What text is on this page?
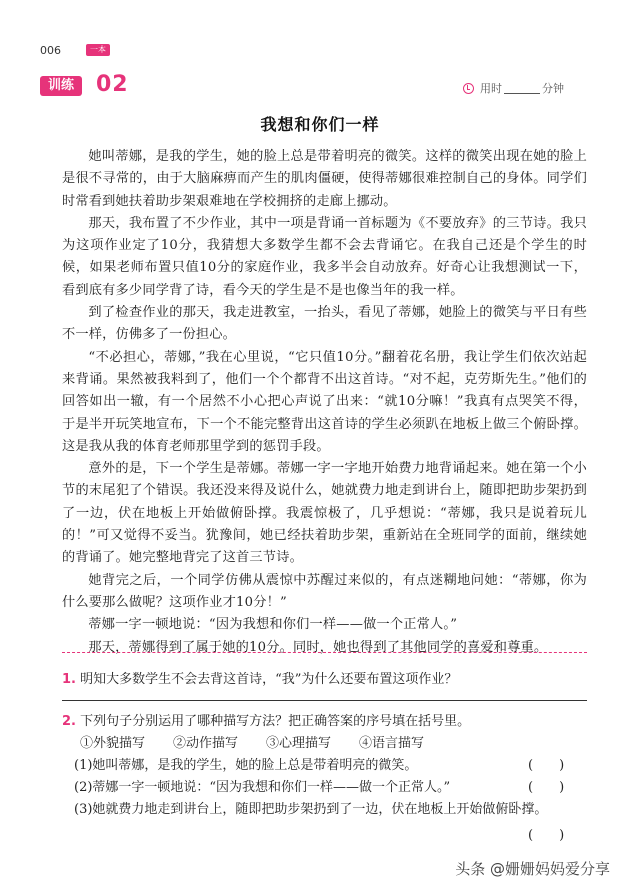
006	一本
训练 02	用时	分钟
我想和你们一样

她叫蒂娜，是我的学生，她的脸上总是带着明亮的微笑。这样的微笑出现在她的脸上是很不寻常的，由于大脑麻痹而产生的肌肉僵硬，使得蒂娜很难控制自己的身体。同学们时常看到她扶着助步架艰难地在学校拥挤的走廊上挪动。

那天，我布置了不少作业，其中一项是背诵一首标题为《不要放弃》的三节诗。我只为这项作业定了10分，我猜想大多数学生都不会去背诵它。在我自己还是个学生的时候，如果老师布置只值10分的家庭作业，我多半会自动放弃。好奇心让我想测试一下，看到底有多少同学背了诗，看今天的学生是不是也像当年的我一样。

到了检查作业的那天，我走进教室，一抬头，看见了蒂娜，她脸上的微笑与平日有些不一样，仿佛多了一份担心。

“不必担心，蒂娜，”我在心里说，“它只值10分。”翻着花名册，我让学生们依次站起来背诵。果然被我料到了，他们一个个都背不出这首诗。“对不起，克劳斯先生。”他们的回答如出一辙，有一个居然不小心把心声说了出来：“就10分嘛！”我真有点哭笑不得，于是半开玩笑地宣布，下一个不能完整背出这首诗的学生必须趴在地板上做三个俯卧撑。这是我从我的体育老师那里学到的惩罚手段。

意外的是，下一个学生是蒂娜。蒂娜一字一字地开始费力地背诵起来。她在第一个小节的末尾犯了个错误。我还没来得及说什么，她就费力地走到讲台上，随即把助步架扔到了一边，伏在地板上开始做俯卧撑。我震惊极了，几乎想说：“蒂娜，我只是说着玩儿的！”可又觉得不妥当。犹豫间，她已经扶着助步架，重新站在全班同学的面前，继续她的背诵了。她完整地背完了这首三节诗。

她背完之后，一个同学仿佛从震惊中苏醒过来似的，有点迷糊地问她：“蒂娜，你为什么要那么做呢？这项作业才10分！”

蒂娜一字一顿地说：“因为我想和你们一样——做一个正常人。”

那天，蒂娜得到了属于她的10分。同时，她也得到了其他同学的喜爱和尊重。

1. 明知大多数学生不会去背这首诗，“我”为什么还要布置这项作业？
2. 下列句子分别运用了哪种描写方法？把正确答案的序号填在括号里。
①外貌描写 ②动作描写 ③心理描写 ④语言描写
(1)她叫蒂娜，是我的学生，她的脸上总是带着明亮的微笑。	(　　)
(2)蒂娜一字一顿地说：“因为我想和你们一样——做一个正常人。”	(　　)
(3)她就费力地走到讲台上，随即把助步架扔到了一边，伏在地板上开始做俯卧撑。
(　　)
头条 @姗姗妈妈爱分享
